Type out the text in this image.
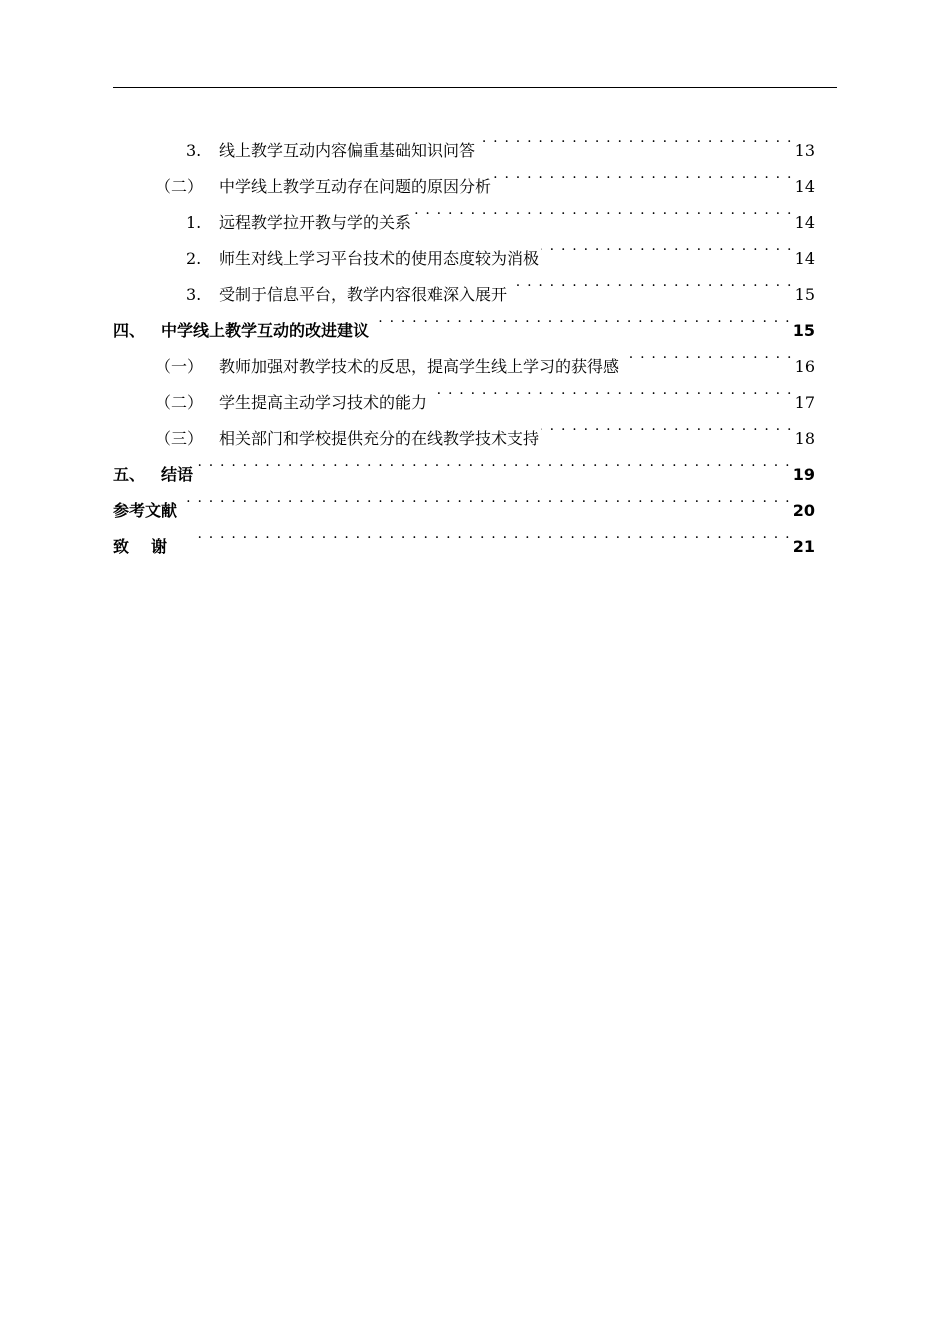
3.	线上教学互动内容偏重基础知识问答 . . .	13
（二） 中学线上教学互动存在问题的原因分析 . . .	14
1.	远程教学拉开教与学的关系 . . .	14
2.	师生对线上学习平台技术的使用态度较为消极 . . .	14
3.	受制于信息平台，教学内容很难深入展开 . . .	15
四、 中学线上教学互动的改进建议 . . .	15
（一） 教师加强对教学技术的反思，提高学生线上学习的获得感 . . .	16
（二） 学生提高主动学习技术的能力 . . .	17
（三） 相关部门和学校提供充分的在线教学技术支持 . . .	18
五、 结语 . . .	19
参考文献 . . .	20
致谢 . . .	21
